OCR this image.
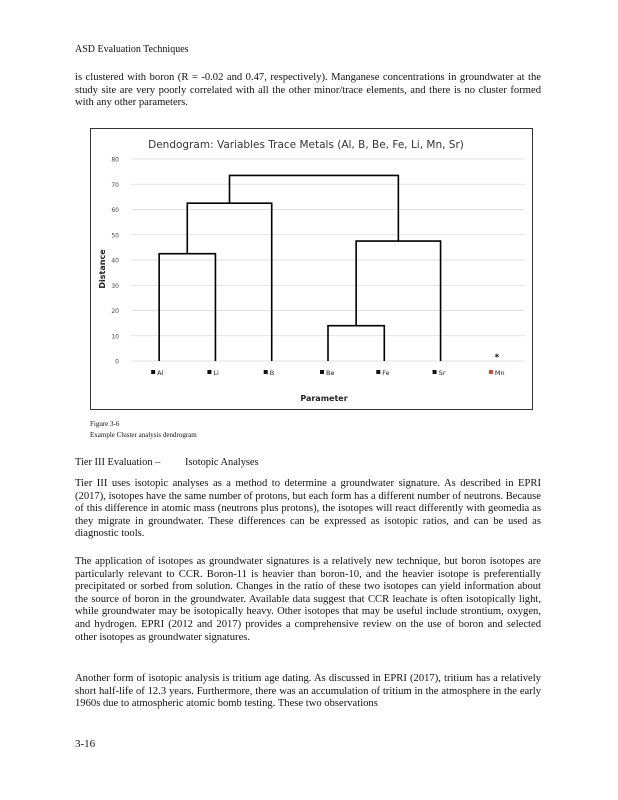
ASD Evaluation Techniques
is clustered with boron (R = -0.02 and 0.47, respectively). Manganese concentrations in groundwater at the study site are very poorly correlated with all the other minor/trace elements, and there is no cluster formed with any other parameters.
0
10
20
30
40
50
60
70
80
Al	Li	B	Be	Fe	Sr	Mn
*
Dendogram: Variables Trace Metals (Al, B, Be, Fe, Li, Mn, Sr)
Distance
Parameter
Figure 3-6
Example Cluster analysis dendrogram
Tier III Evaluation – Isotopic Analyses
Tier III uses isotopic analyses as a method to determine a groundwater signature. As described in EPRI (2017), isotopes have the same number of protons, but each form has a different number of neutrons. Because of this difference in atomic mass (neutrons plus protons), the isotopes will react differently with geomedia as they migrate in groundwater. These differences can be expressed as isotopic ratios, and can be used as diagnostic tools.
The application of isotopes as groundwater signatures is a relatively new technique, but boron isotopes are particularly relevant to CCR. Boron-11 is heavier than boron-10, and the heavier isotope is preferentially precipitated or sorbed from solution. Changes in the ratio of these two isotopes can yield information about the source of boron in the groundwater. Available data suggest that CCR leachate is often isotopically light, while groundwater may be isotopically heavy. Other isotopes that may be useful include strontium, oxygen, and hydrogen. EPRI (2012 and 2017) provides a comprehensive review on the use of boron and selected other isotopes as groundwater signatures.
Another form of isotopic analysis is tritium age dating. As discussed in EPRI (2017), tritium has a relatively short half-life of 12.3 years. Furthermore, there was an accumulation of tritium in the atmosphere in the early 1960s due to atmospheric atomic bomb testing. These two observations
3-16
